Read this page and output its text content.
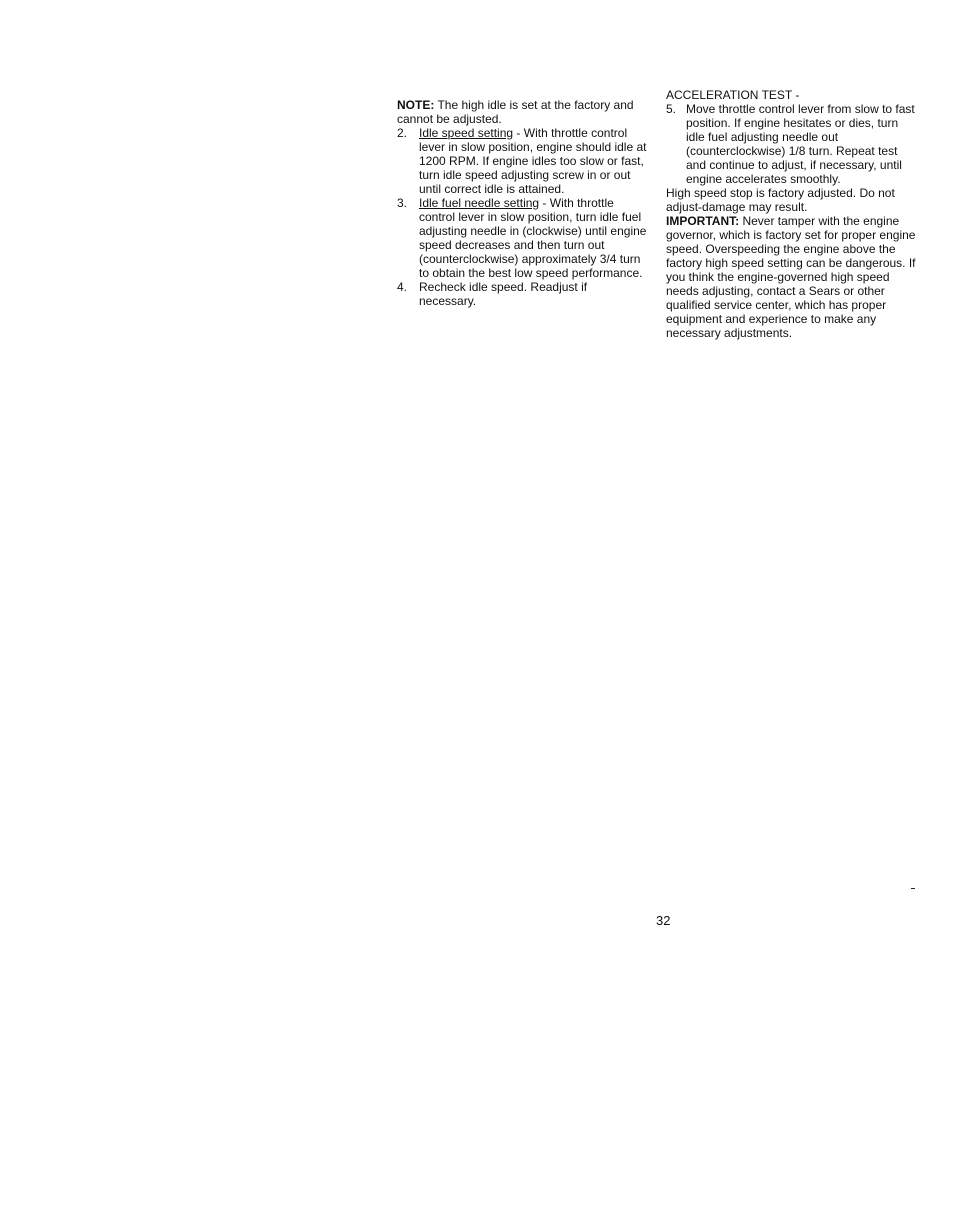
NOTE: The high idle is set at the factory and cannot be adjusted.

2. Idle speed setting - With throttle control lever in slow position, engine should idle at 1200 RPM. If engine idles too slow or fast, turn idle speed adjusting screw in or out until correct idle is attained.

3. Idle fuel needle setting - With throttle control lever in slow position, turn idle fuel adjusting needle in (clockwise) until engine speed decreases and then turn out (counterclockwise) approximately 3/4 turn to obtain the best low speed performance.

4. Recheck idle speed. Readjust if necessary.

ACCELERATION TEST -

5. Move throttle control lever from slow to fast position. If engine hesitates or dies, turn idle fuel adjusting needle out (counterclockwise) 1/8 turn. Repeat test and continue to adjust, if necessary, until engine accelerates smoothly.

High speed stop is factory adjusted. Do not adjust-damage may result.

IMPORTANT: Never tamper with the engine governor, which is factory set for proper engine speed. Overspeeding the engine above the factory high speed setting can be dangerous. If you think the engine-governed high speed needs adjusting, contact a Sears or other qualified service center, which has proper equipment and experience to make any necessary adjustments.

32
